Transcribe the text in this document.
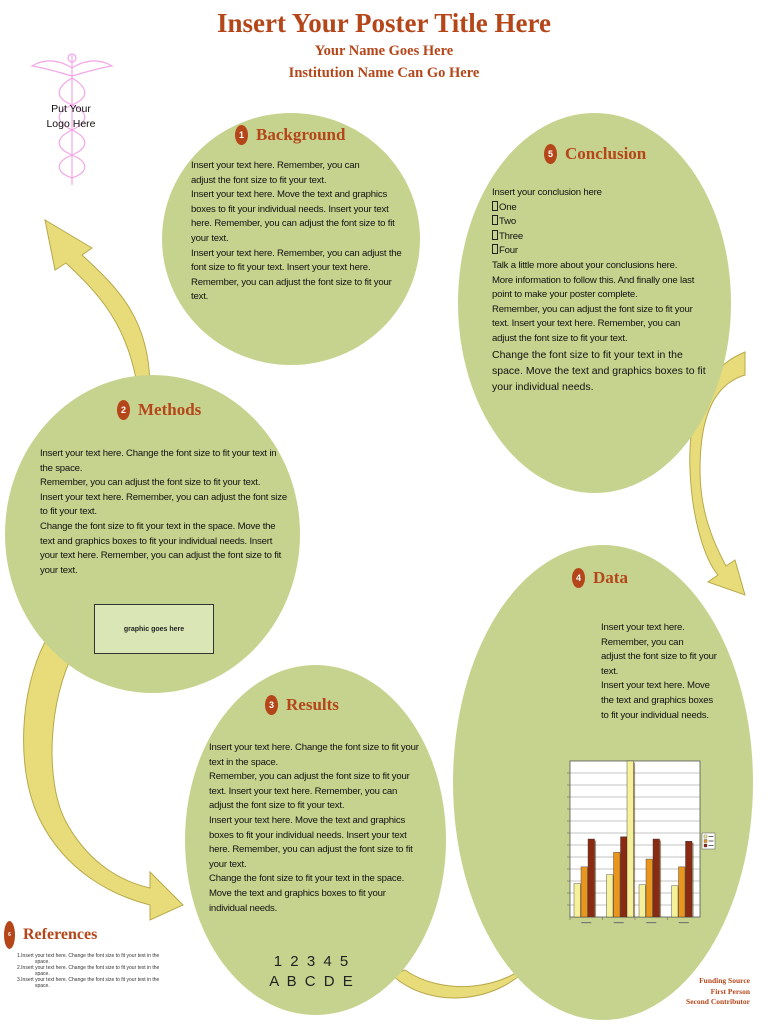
Insert Your Poster Title Here
Your Name Goes Here
Institution Name Can Go Here
Put Your
Logo Here
1 Background

Insert your text here. Remember, you can

adjust the font size to fit your text.

Insert your text here. Move the text and graphics

boxes to fit your individual needs. Insert your text

here. Remember, you can adjust the font size to fit

your text.

Insert your text here. Remember, you can adjust the

font size to fit your text. Insert your text here.

Remember, you can adjust the font size to fit your

text.

5 Conclusion

Insert your conclusion here

One

Two

Three

Four

Talk a little more about your conclusions here.

More information to follow this. And finally one last

point to make your poster complete.

Remember, you can adjust the font size to fit your

text. Insert your text here. Remember, you can

adjust the font size to fit your text.

Change the font size to fit your text in the

space. Move the text and graphics boxes to fit

your individual needs.

2 Methods

Insert your text here. Change the font size to fit your text in

the space.

Remember, you can adjust the font size to fit your text.

Insert your text here. Remember, you can adjust the font size

to fit your text.

Change the font size to fit your text in the space. Move the

text and graphics boxes to fit your individual needs. Insert

your text here. Remember, you can adjust the font size to fit

your text.

graphic goes here
4 Data

Insert your text here.

Remember, you can

adjust the font size to fit your

text.

Insert your text here. Move

the text and graphics boxes

to fit your individual needs.

3 Results

Insert your text here. Change the font size to fit your

text in the space.

Remember, you can adjust the font size to fit your

text. Insert your text here. Remember, you can

adjust the font size to fit your text.

Insert your text here. Move the text and graphics

boxes to fit your individual needs. Insert your text

here. Remember, you can adjust the font size to fit

your text.

Change the font size to fit your text in the space.

Move the text and graphics boxes to fit your

individual needs.

1 2 3 4 5
A B C D E
6 References
1.Insert your text here. Change the font size to fit your text in the
space.
2.Insert your text here. Change the font size to fit your text in the
space.
3.Insert your text here. Change the font size to fit your text in the
space.
Funding Source
First Person
Second Contributor
